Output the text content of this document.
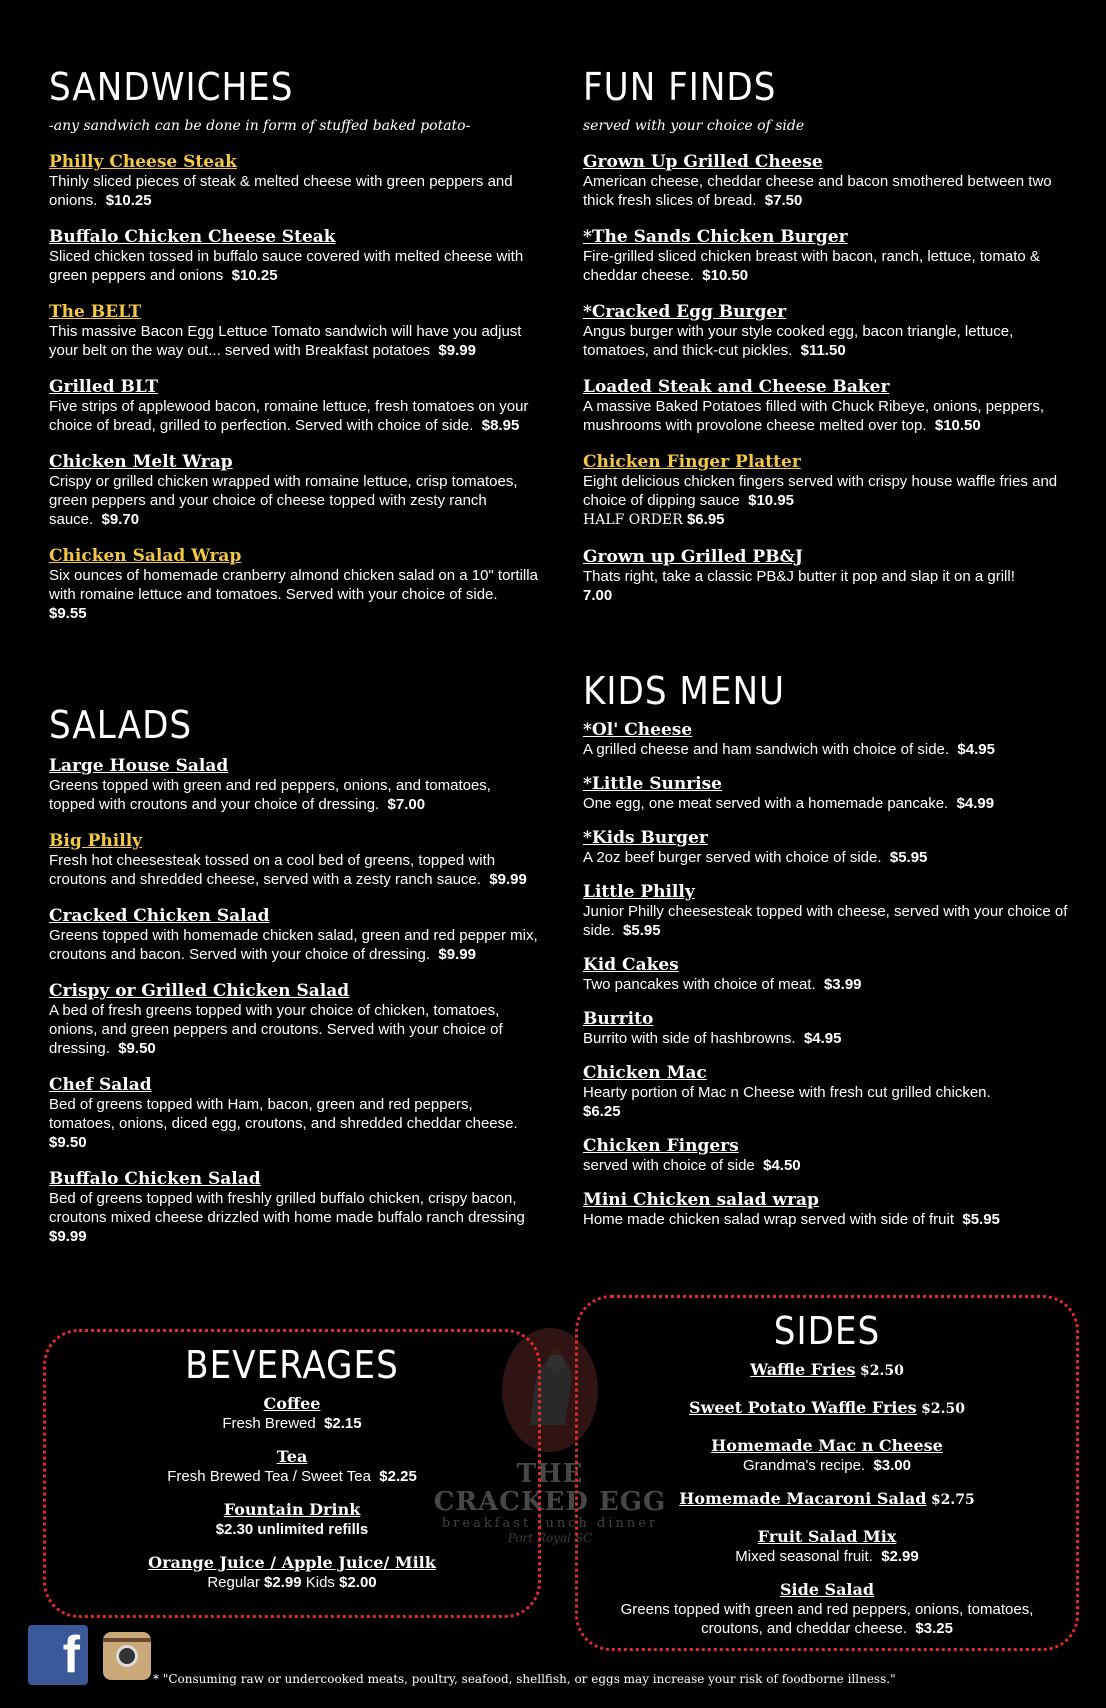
SANDWICHES
-any sandwich can be done in form of stuffed baked potato-
Philly Cheese Steak
Thinly sliced pieces of steak & melted cheese with green peppers and onions. $10.25
Buffalo Chicken Cheese Steak
Sliced chicken tossed in buffalo sauce covered with melted cheese with green peppers and onions $10.25
The BELT
This massive Bacon Egg Lettuce Tomato sandwich will have you adjust your belt on the way out... served with Breakfast potatoes $9.99
Grilled BLT
Five strips of applewood bacon, romaine lettuce, fresh tomatoes on your choice of bread, grilled to perfection. Served with choice of side. $8.95
Chicken Melt Wrap
Crispy or grilled chicken wrapped with romaine lettuce, crisp tomatoes, green peppers and your choice of cheese topped with zesty ranch sauce. $9.70
Chicken Salad Wrap
Six ounces of homemade cranberry almond chicken salad on a 10" tortilla with romaine lettuce and tomatoes. Served with your choice of side.  $9.55
SALADS
Large House Salad
Greens topped with green and red peppers, onions, and tomatoes, topped with croutons and your choice of dressing. $7.00
Big Philly
Fresh hot cheesesteak tossed on a cool bed of greens, topped with croutons and shredded cheese, served with a zesty ranch sauce. $9.99
Cracked Chicken Salad
Greens topped with homemade chicken salad, green and red pepper mix, croutons and bacon. Served with your choice of dressing. $9.99
Crispy or Grilled Chicken Salad
A bed of fresh greens topped with your choice of chicken, tomatoes, onions, and green peppers and croutons. Served with your choice of dressing. $9.50
Chef Salad
Bed of greens topped with Ham, bacon, green and red peppers, tomatoes, onions, diced egg, croutons, and shredded cheddar cheese.  $9.50
Buffalo Chicken Salad
Bed of greens topped with freshly grilled buffalo chicken, crispy bacon, croutons mixed cheese drizzled with home made buffalo ranch dressing  $9.99
FUN FINDS
served with your choice of side
Grown Up Grilled Cheese
American cheese, cheddar cheese and bacon smothered between two thick fresh slices of bread. $7.50
*The Sands Chicken Burger
Fire-grilled sliced chicken breast with bacon, ranch, lettuce, tomato & cheddar cheese. $10.50
*Cracked Egg Burger
Angus burger with your style cooked egg, bacon triangle, lettuce, tomatoes, and thick-cut pickles. $11.50
Loaded Steak and Cheese Baker
A massive Baked Potatoes filled with Chuck Ribeye, onions, peppers, mushrooms with provolone cheese melted over top. $10.50
Chicken Finger Platter
Eight delicious chicken fingers served with crispy house waffle fries and choice of dipping sauce $10.95
HALF ORDER $6.95
Grown up Grilled PB&J
Thats right, take a classic PB&J butter it pop and slap it on a grill!
7.00
KIDS MENU
*Ol' Cheese
A grilled cheese and ham sandwich with choice of side. $4.95
*Little Sunrise
One egg, one meat served with a homemade pancake. $4.99
*Kids Burger
A 2oz beef burger served with choice of side. $5.95
Little Philly
Junior Philly cheesesteak topped with cheese, served with your choice of side. $5.95
Kid Cakes
Two pancakes with choice of meat. $3.99
Burrito
Burrito with side of hashbrowns. $4.95
Chicken Mac
Hearty portion of Mac n Cheese with fresh cut grilled chicken.
$6.25
Chicken Fingers
served with choice of side $4.50
Mini Chicken salad wrap
Home made chicken salad wrap served with side of fruit $5.95
THE
CRACKED EGG
breakfast lunch dinner
Port Royal SC
BEVERAGES
Coffee
Fresh Brewed $2.15
Tea
Fresh Brewed Tea / Sweet Tea $2.25
Fountain Drink
$2.30 unlimited refills
Orange Juice / Apple Juice/ Milk
Regular $2.99 Kids $2.00
SIDES
Waffle Fries $2.50
Sweet Potato Waffle Fries $2.50
Homemade Mac n Cheese
Grandma's recipe. $3.00
Homemade Macaroni Salad $2.75
Fruit Salad Mix
Mixed seasonal fruit. $2.99
Side Salad
Greens topped with green and red peppers, onions, tomatoes, croutons, and cheddar cheese. $3.25
f	* "Consuming raw or undercooked meats, poultry, seafood, shellfish, or eggs may increase your risk of foodborne illness."
